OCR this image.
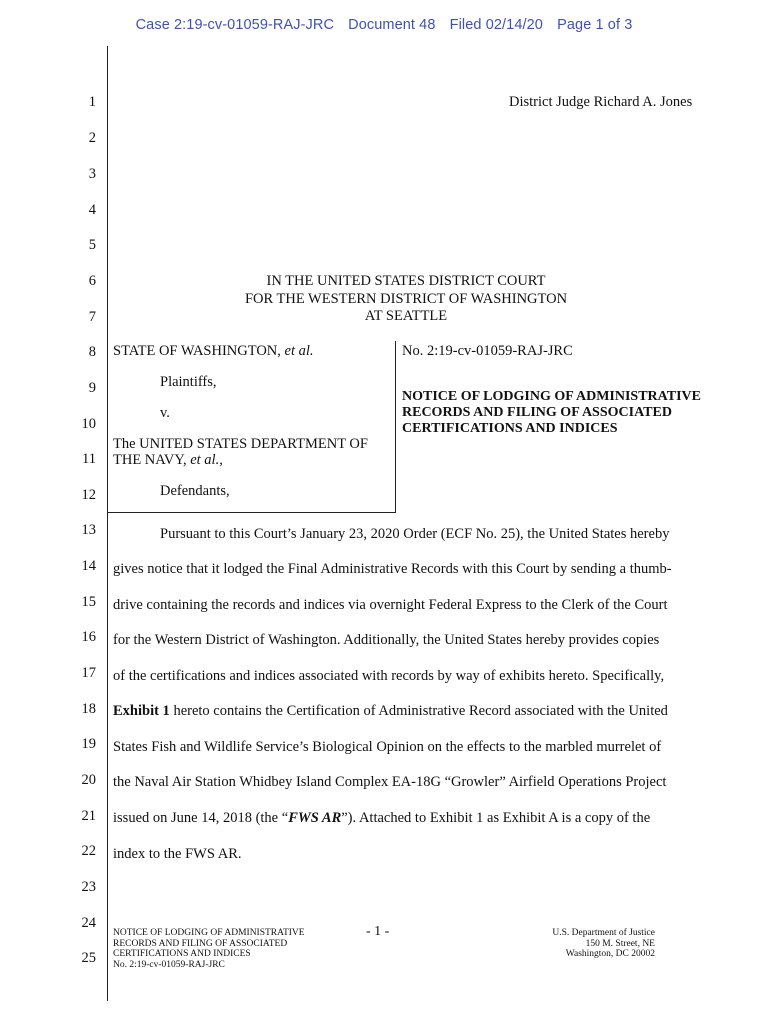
Case 2:19-cv-01059-RAJ-JRC Document 48 Filed 02/14/20 Page 1 of 3
1
2
3
4
5
6
7
8
9
10
11
12
13
14
15
16
17
18
19
20
21
22
23
24
25
District Judge Richard A. Jones
IN THE UNITED STATES DISTRICT COURT
FOR THE WESTERN DISTRICT OF WASHINGTON
AT SEATTLE
STATE OF WASHINGTON, et al.
Plaintiffs,
v.
The UNITED STATES DEPARTMENT OF
THE NAVY, et al.,
Defendants,
No. 2:19-cv-01059-RAJ-JRC
NOTICE OF LODGING OF ADMINISTRATIVE
RECORDS AND FILING OF ASSOCIATED
CERTIFICATIONS AND INDICES
Pursuant to this Court’s January 23, 2020 Order (ECF No. 25), the United States hereby
gives notice that it lodged the Final Administrative Records with this Court by sending a thumb-
drive containing the records and indices via overnight Federal Express to the Clerk of the Court
for the Western District of Washington. Additionally, the United States hereby provides copies
of the certifications and indices associated with records by way of exhibits hereto. Specifically,
Exhibit 1 hereto contains the Certification of Administrative Record associated with the United
States Fish and Wildlife Service’s Biological Opinion on the effects to the marbled murrelet of
the Naval Air Station Whidbey Island Complex EA-18G “Growler” Airfield Operations Project
issued on June 14, 2018 (the “FWS AR”). Attached to Exhibit 1 as Exhibit A is a copy of the
index to the FWS AR.
NOTICE OF LODGING OF ADMINISTRATIVE
RECORDS AND FILING OF ASSOCIATED
CERTIFICATIONS AND INDICES
No. 2:19-cv-01059-RAJ-JRC
- 1 -	U.S. Department of Justice
150 M. Street, NE
Washington, DC 20002
